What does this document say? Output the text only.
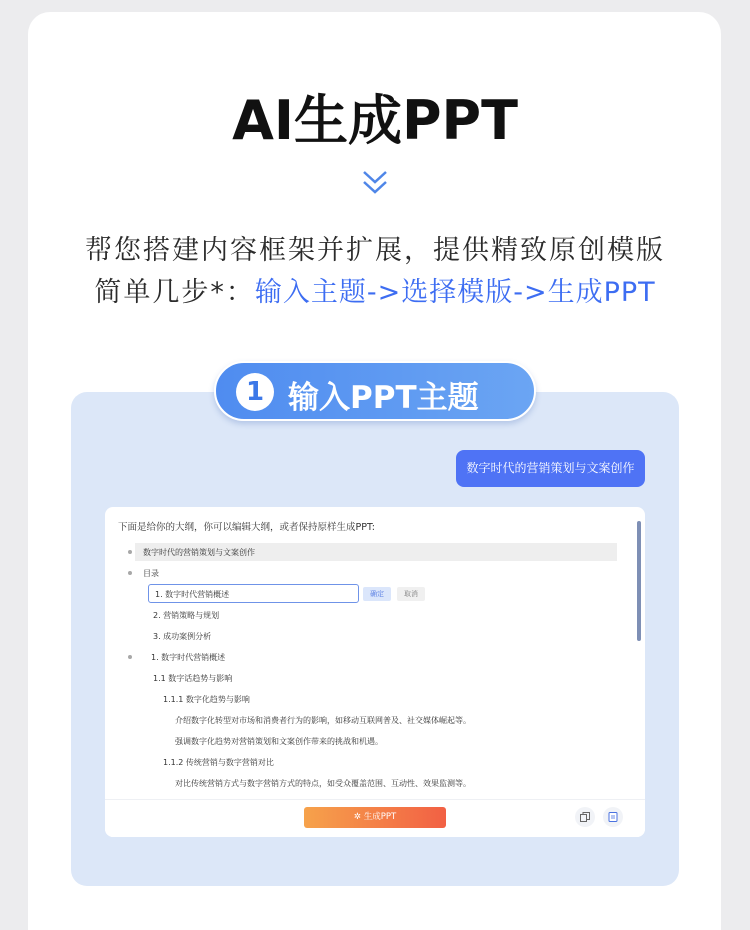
AI生成PPT
帮您搭建内容框架并扩展，提供精致原创模版
简单几步*：输入主题->选择模版->生成PPT
1 输入PPT主题
数字时代的营销策划与文案创作
下面是给你的大纲，你可以编辑大纲，或者保持原样生成PPT:
数字时代的营销策划与文案创作
目录
1. 数字时代营销概述	确定	取消
2. 营销策略与规划
3. 成功案例分析
1. 数字时代营销概述
1.1 数字话趋势与影响
1.1.1 数字化趋势与影响
介绍数字化转型对市场和消费者行为的影响，如移动互联网普及、社交媒体崛起等。
强调数字化趋势对营销策划和文案创作带来的挑战和机遇。
1.1.2 传统营销与数字营销对比
对比传统营销方式与数字营销方式的特点，如受众覆盖范围、互动性、效果监测等。
✲ 生成PPT
